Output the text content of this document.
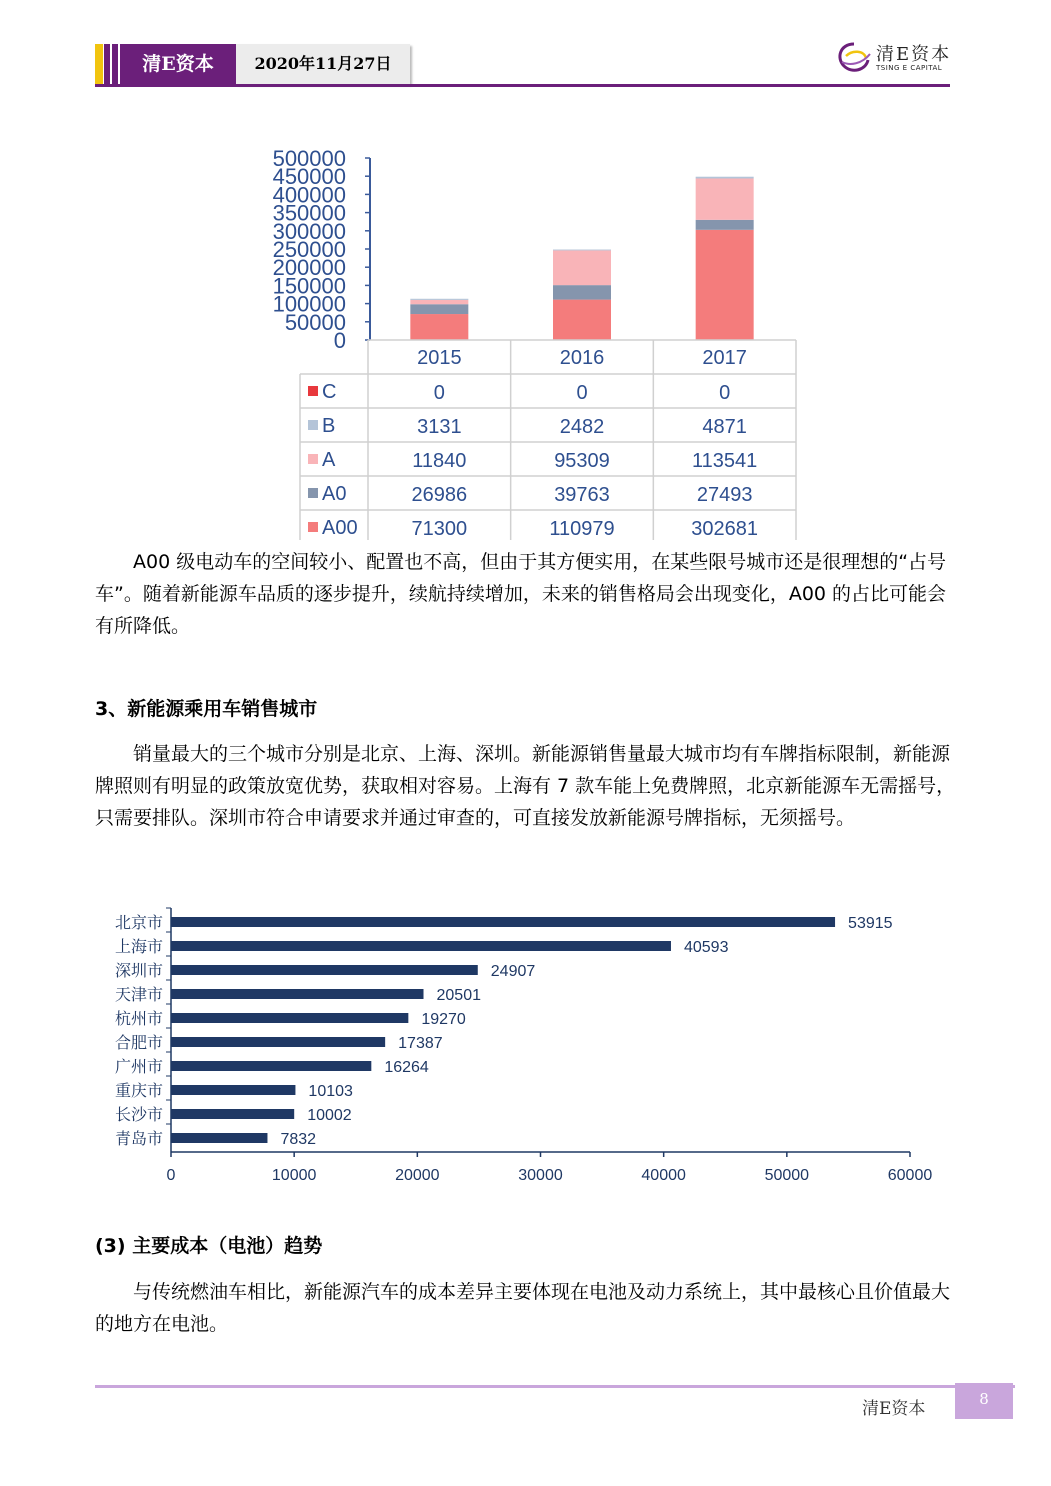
清E资本	2020年11月27日	清E资本
TSING E CAPITAL
500000
450000
400000
350000
300000
250000
200000
150000
100000
50000
0
2015	2016	2017
C	0	0	0
B	3131	2482	4871
A	11840	95309	113541
A0	26986	39763	27493
A00	71300	110979	302681
A00 级电动车的空间较小、配置也不高，但由于其方便实用，在某些限号城市还是很理想的“占号车”。随着新能源车品质的逐步提升，续航持续增加，未来的销售格局会出现变化，A00 的占比可能会有所降低。
3、新能源乘用车销售城市
销量最大的三个城市分别是北京、上海、深圳。新能源销售量最大城市均有车牌指标限制，新能源牌照则有明显的政策放宽优势，获取相对容易。上海有 7 款车能上免费牌照，北京新能源车无需摇号，只需要排队。深圳市符合申请要求并通过审查的，可直接发放新能源号牌指标，无须摇号。
北京市	53915
上海市	40593
深圳市	24907
天津市	20501
杭州市	19270
合肥市	17387
广州市	16264
重庆市	10103
长沙市	10002
青岛市	7832
0	10000	20000	30000	40000	50000	60000
(3) 主要成本（电池）趋势
与传统燃油车相比，新能源汽车的成本差异主要体现在电池及动力系统上，其中最核心且价值最大的地方在电池。
清E资本	8
